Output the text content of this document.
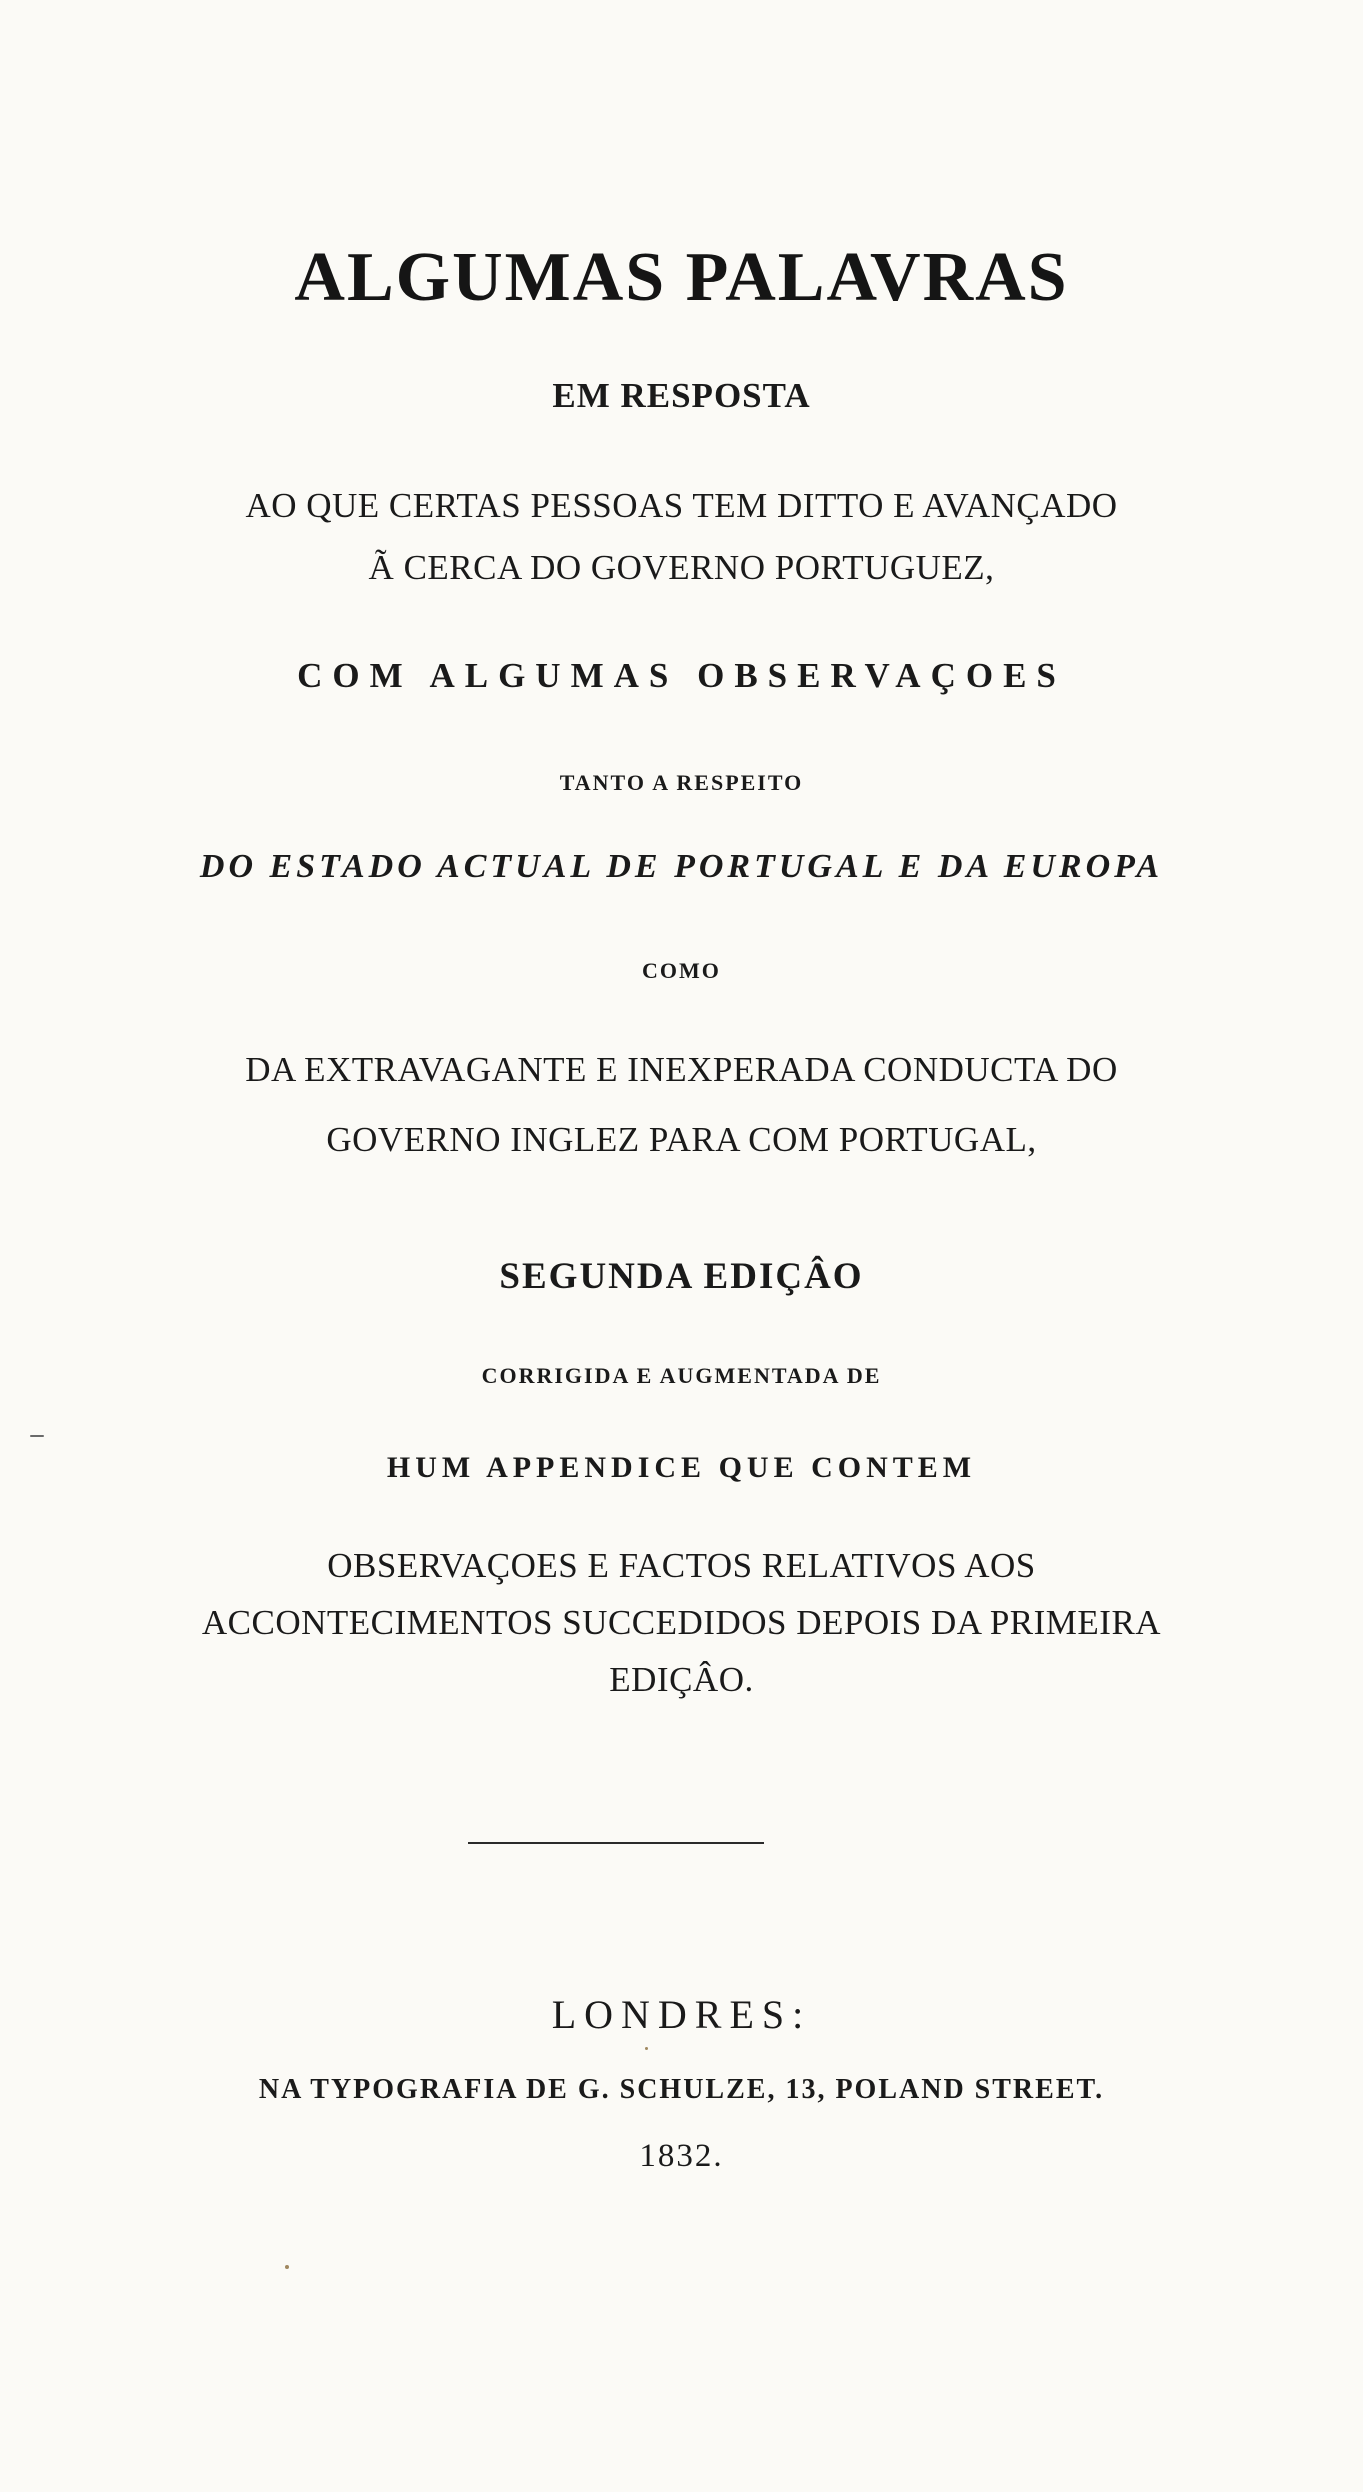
ALGUMAS PALAVRAS
EM RESPOSTA
AO QUE CERTAS PESSOAS TEM DITTO E AVANÇADO
Ã CERCA DO GOVERNO PORTUGUEZ,
COM ALGUMAS OBSERVAÇOES
TANTO A RESPEITO
DO ESTADO ACTUAL DE PORTUGAL E DA EUROPA
COMO
DA EXTRAVAGANTE E INEXPERADA CONDUCTA DO
GOVERNO INGLEZ PARA COM PORTUGAL,
SEGUNDA EDIÇÂO
CORRIGIDA E AUGMENTADA DE
HUM APPENDICE QUE CONTEM
OBSERVAÇOES E FACTOS RELATIVOS AOS
ACCONTECIMENTOS SUCCEDIDOS DEPOIS DA PRIMEIRA
EDIÇÂO.
LONDRES:
NA TYPOGRAFIA DE G. SCHULZE, 13, POLAND STREET.
1832.
